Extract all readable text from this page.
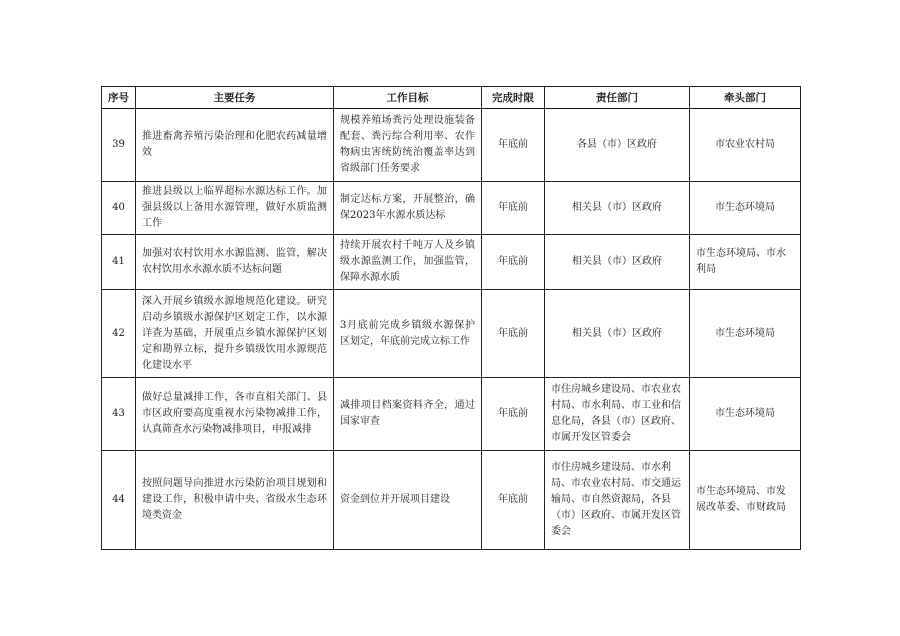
序号	主要任务	工作目标	完成时限	责任部门	牵头部门
39	推进畜禽养殖污染治理和化肥农药减量增效	规模养殖场粪污处理设施装备配套、粪污综合利用率、农作物病虫害统防统治覆盖率达到省级部门任务要求	年底前	各县（市）区政府	市农业农村局
40	推进县级以上临界超标水源达标工作。加强县级以上备用水源管理，做好水质监测工作	制定达标方案，开展整治，确保2023年水源水质达标	年底前	相关县（市）区政府	市生态环境局
41	加强对农村饮用水水源监测、监管，解决农村饮用水水源水质不达标问题	持续开展农村千吨万人及乡镇级水源监测工作，加强监管，保障水源水质	年底前	相关县（市）区政府	市生态环境局、市水利局
42	深入开展乡镇级水源地规范化建设。研究启动乡镇级水源保护区划定工作，以水源详查为基础，开展重点乡镇水源保护区划定和勘界立标，提升乡镇级饮用水源规范化建设水平	3月底前完成乡镇级水源保护区划定，年底前完成立标工作	年底前	相关县（市）区政府	市生态环境局
43	做好总量减排工作，各市直相关部门、县市区政府要高度重视水污染物减排工作，认真筛查水污染物减排项目，申报减排	减排项目档案资料齐全，通过国家审查	年底前	市住房城乡建设局、市农业农村局、市水利局、市工业和信息化局，各县（市）区政府、市属开发区管委会	市生态环境局
44	按照问题导向推进水污染防治项目规划和建设工作，积极申请中央、省级水生态环境类资金	资金到位并开展项目建设	年底前	市住房城乡建设局、市水利局、市农业农村局、市交通运输局、市自然资源局，各县（市）区政府、市属开发区管委会	市生态环境局、市发展改革委、市财政局
